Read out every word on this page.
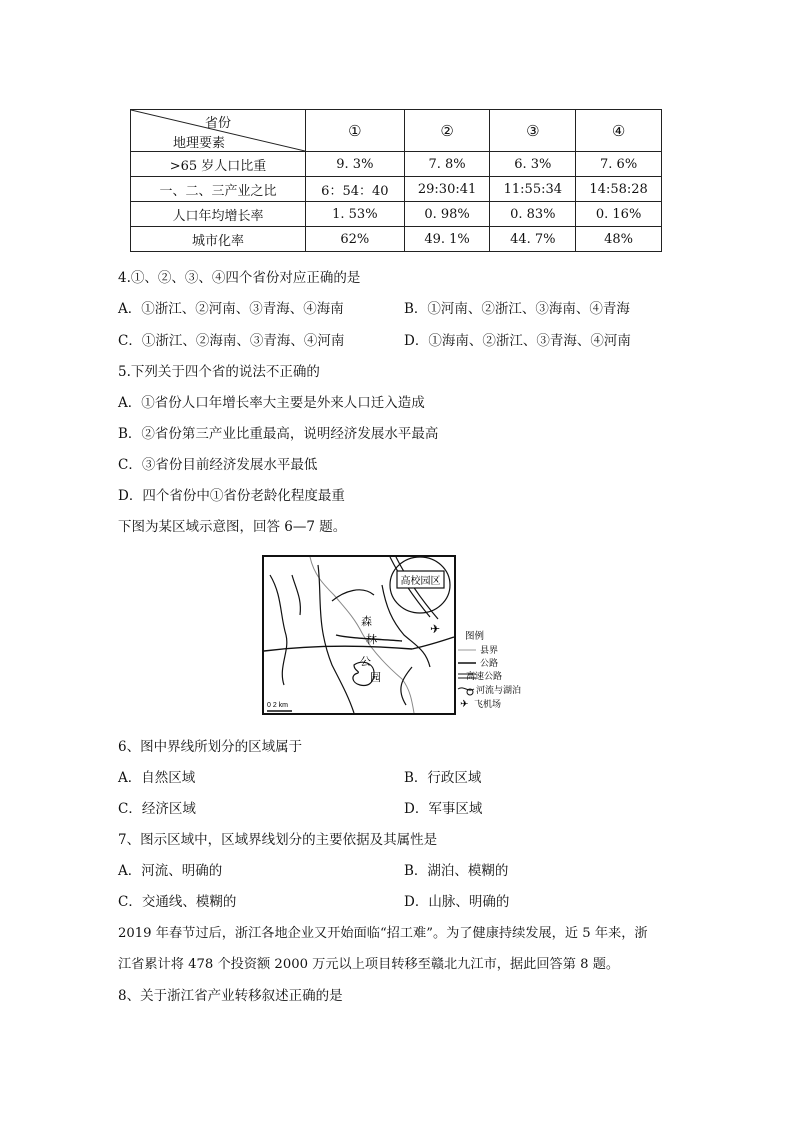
省份
地理要素	①	②	③	④
>65 岁人口比重	9. 3%	7. 8%	6. 3%	7. 6%
一、二、三产业之比	6：54：40	29:30:41	11:55:34	14:58:28
人口年均增长率	1. 53%	0. 98%	0. 83%	0. 16%
城市化率	62%	49. 1%	44. 7%	48%
4.①、②、③、④四个省份对应正确的是
A．①浙江、②河南、③青海、④海南	B．①河南、②浙江、③海南、④青海
C．①浙江、②海南、③青海、④河南	D．①海南、②浙江、③青海、④河南
5.下列关于四个省的说法不正确的
A．①省份人口年增长率大主要是外来人口迁入造成
B．②省份第三产业比重最高，说明经济发展水平最高
C．③省份目前经济发展水平最低
D．四个省份中①省份老龄化程度最重
下图为某区域示意图，回答 6—7 题。
高校园区
森
林
公
园
✈
0 2 km
图例
县界
公路
高速公路
河流与湖泊
✈ 飞机场
6、图中界线所划分的区域属于
A．自然区域	B．行政区域
C．经济区域	D．军事区域
7、图示区域中，区域界线划分的主要依据及其属性是
A．河流、明确的	B．湖泊、模糊的
C．交通线、模糊的	D．山脉、明确的
2019 年春节过后，浙江各地企业又开始面临“招工难”。为了健康持续发展，近 5 年来，浙
江省累计将 478 个投资额 2000 万元以上项目转移至赣北九江市，据此回答第 8 题。
8、关于浙江省产业转移叙述正确的是
